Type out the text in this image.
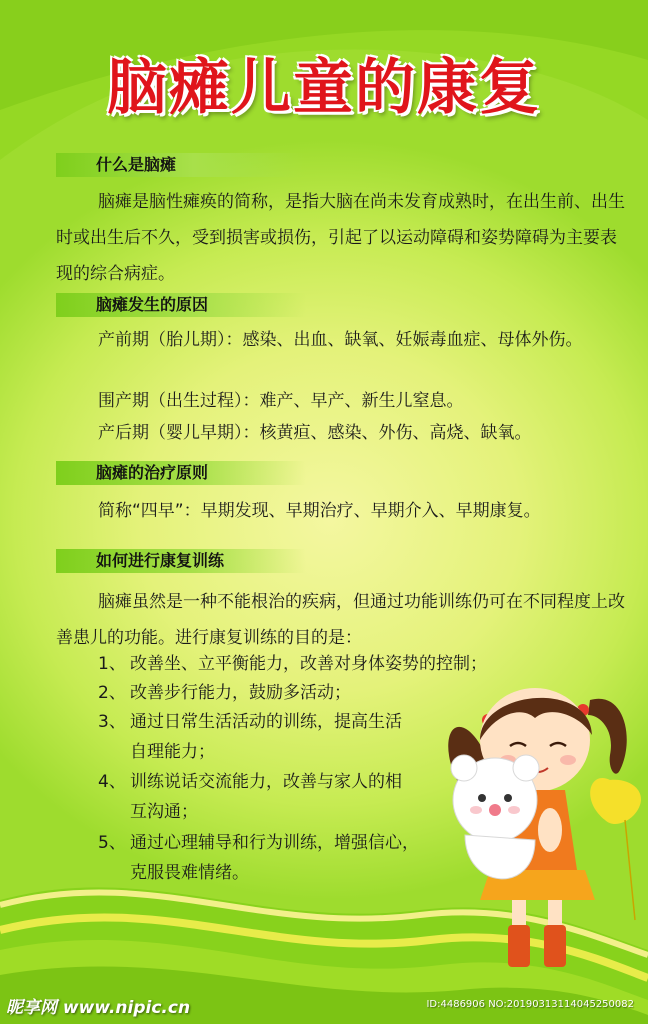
脑瘫儿童的康复
什么是脑瘫

脑瘫是脑性瘫痪的简称，是指大脑在尚未发育成熟时，在出生前、出生时或出生后不久，受到损害或损伤，引起了以运动障碍和姿势障碍为主要表现的综合病症。

脑瘫发生的原因

产前期（胎儿期）：感染、出血、缺氧、妊娠毒血症、母体外伤。

围产期（出生过程）：难产、早产、新生儿窒息。
产后期（婴儿早期）：核黄疸、感染、外伤、高烧、缺氧。
脑瘫的治疗原则
简称“四早”：早期发现、早期治疗、早期介入、早期康复。
如何进行康复训练

脑瘫虽然是一种不能根治的疾病，但通过功能训练仍可在不同程度上改善患儿的功能。进行康复训练的目的是：

1、 改善坐、立平衡能力，改善对身体姿势的控制；
2、 改善步行能力，鼓励多活动；
3、 通过日常生活活动的训练，提高生活
自理能力；
4、 训练说话交流能力，改善与家人的相
互沟通；
5、 通过心理辅导和行为训练，增强信心，
克服畏难情绪。
昵享网 www.nipic.cn	ID:4486906 NO:20190313114045250082
